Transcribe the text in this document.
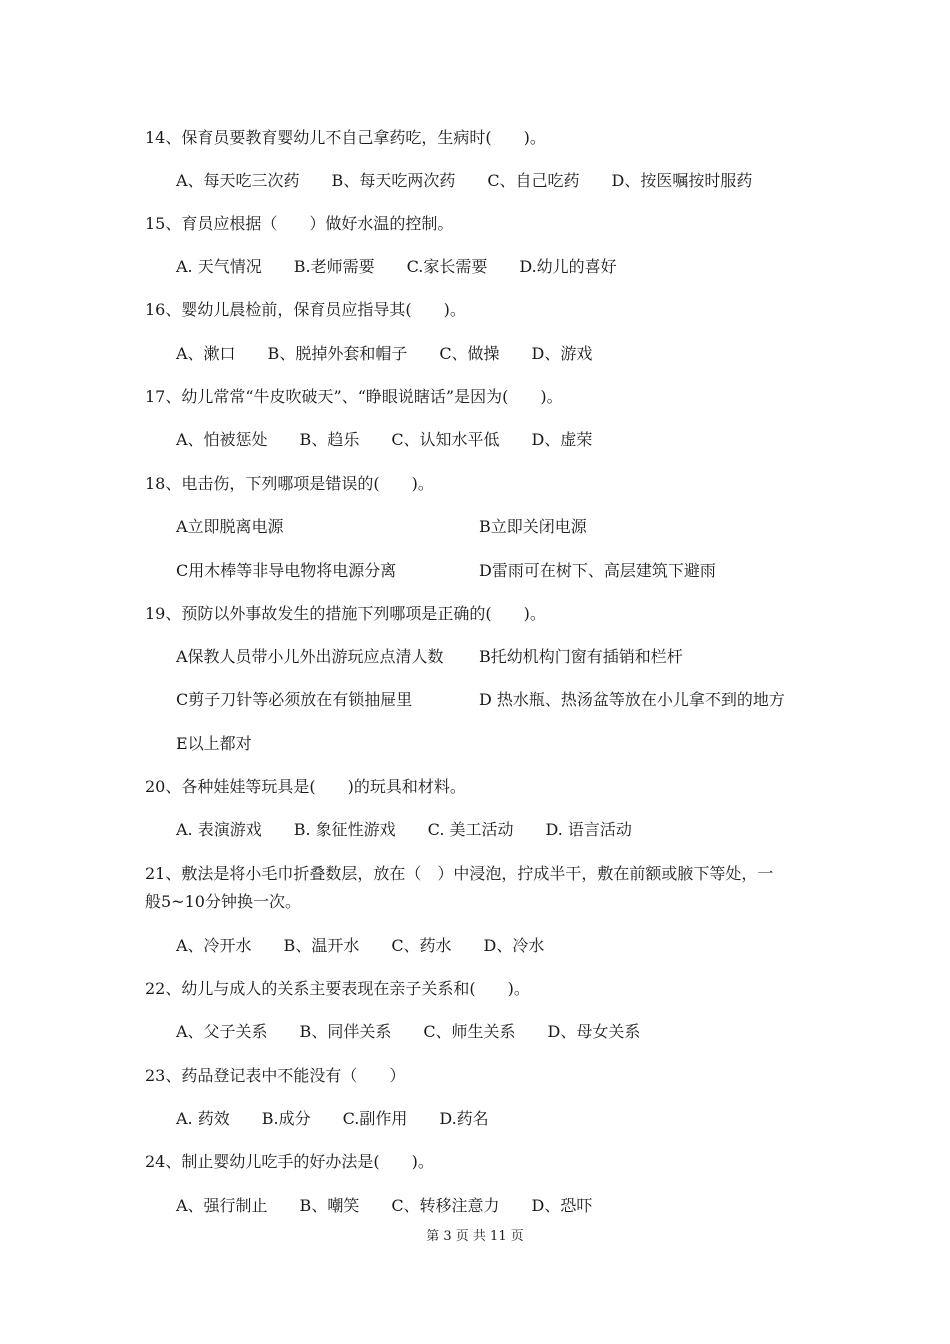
14、保育员要教育婴幼儿不自己拿药吃，生病时(　　)。
A、每天吃三次药　　B、每天吃两次药　　C、自己吃药　　D、按医嘱按时服药
15、育员应根据（　　）做好水温的控制。
A. 天气情况　　B.老师需要　　C.家长需要　　D.幼儿的喜好
16、婴幼儿晨检前，保育员应指导其(　　)。
A、漱口　　B、脱掉外套和帽子　　C、做操　　D、游戏
17、幼儿常常“牛皮吹破天”、“睁眼说瞎话”是因为(　　)。
A、怕被惩处　　B、趋乐　　C、认知水平低　　D、虚荣
18、电击伤，下列哪项是错误的(　　)。
A立即脱离电源	B立即关闭电源
C用木棒等非导电物将电源分离	D雷雨可在树下、高层建筑下避雨
19、预防以外事故发生的措施下列哪项是正确的(　　)。
A保教人员带小儿外出游玩应点清人数 B托幼机构门窗有插销和栏杆
C剪子刀针等必须放在有锁抽屉里	D 热水瓶、热汤盆等放在小儿拿不到的地方
E以上都对
20、各种娃娃等玩具是(　　)的玩具和材料。
A. 表演游戏　　B. 象征性游戏　　C. 美工活动　　D. 语言活动
21、敷法是将小毛巾折叠数层，放在（　）中浸泡，拧成半干，敷在前额或腋下等处，一
般5~10分钟换一次。
A、冷开水　　B、温开水　　C、药水　　D、冷水
22、幼儿与成人的关系主要表现在亲子关系和(　　)。
A、父子关系　　B、同伴关系　　C、师生关系　　D、母女关系
23、药品登记表中不能没有（　　）
A. 药效　　B.成分　　C.副作用　　D.药名
24、制止婴幼儿吃手的好办法是(　　)。
A、强行制止　　B、嘲笑　　C、转移注意力　　D、恐吓
第 3 页 共 11 页
